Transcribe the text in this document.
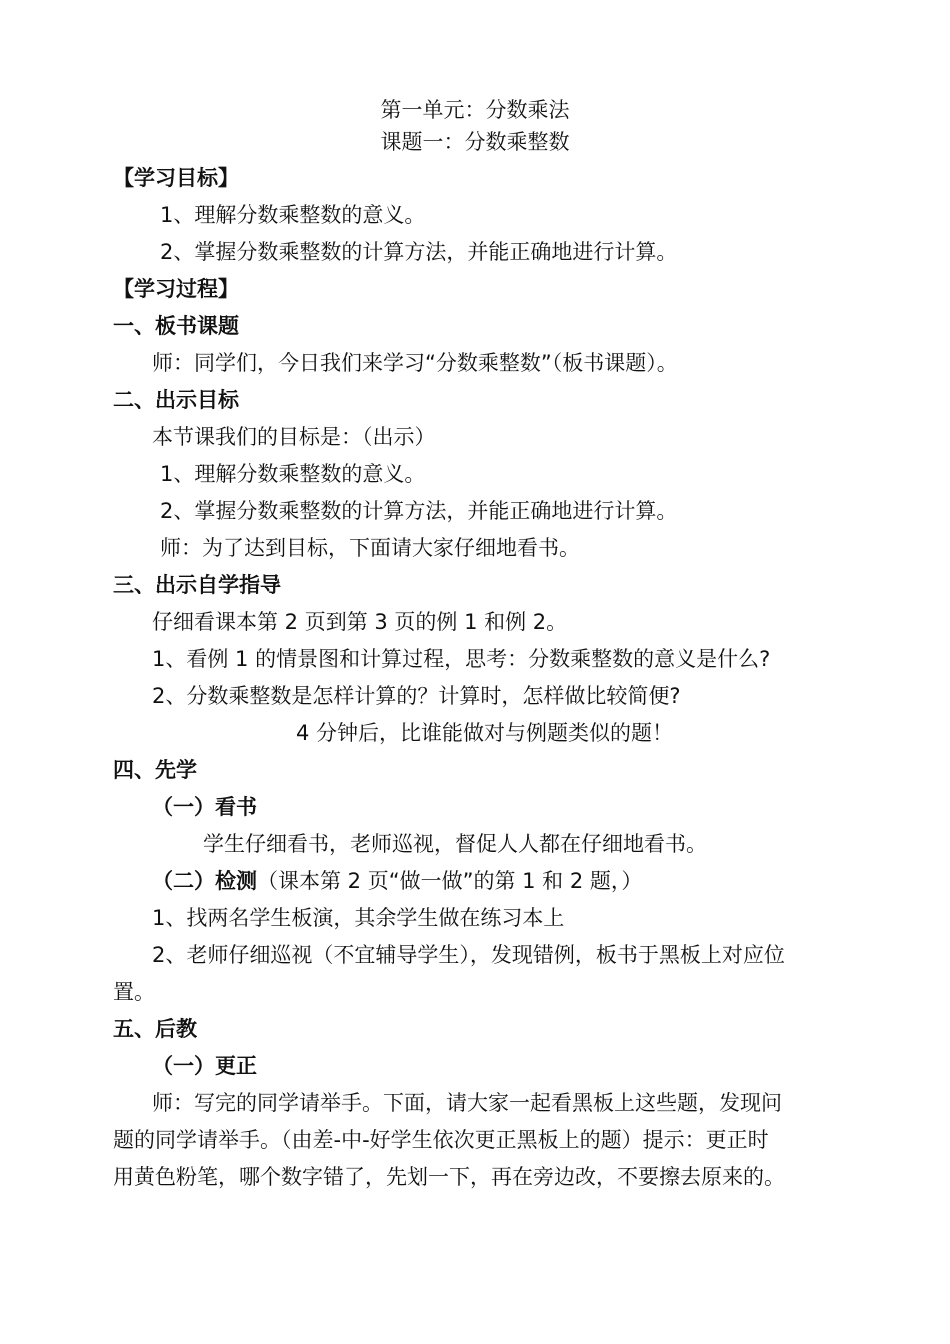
第一单元：分数乘法
课题一：分数乘整数
【学习目标】
1、理解分数乘整数的意义。
2、掌握分数乘整数的计算方法，并能正确地进行计算。
【学习过程】
一、板书课题
师：同学们，今日我们来学习“分数乘整数”（板书课题）。
二、出示目标
本节课我们的目标是：（出示）
1、理解分数乘整数的意义。
2、掌握分数乘整数的计算方法，并能正确地进行计算。
师：为了达到目标，下面请大家仔细地看书。
三、出示自学指导
仔细看课本第 2 页到第 3 页的例 1 和例 2。
1、看例 1 的情景图和计算过程，思考：分数乘整数的意义是什么?
2、分数乘整数是怎样计算的？计算时，怎样做比较简便?
4 分钟后，比谁能做对与例题类似的题！
四、先学
（一）看书
学生仔细看书，老师巡视，督促人人都在仔细地看书。
（二）检测（课本第 2 页“做一做”的第 1 和 2 题，）
1、找两名学生板演，其余学生做在练习本上
2、老师仔细巡视（不宜辅导学生），发现错例，板书于黑板上对应位
置。
五、后教
（一）更正
师：写完的同学请举手。下面，请大家一起看黑板上这些题，发现问
题的同学请举手。（由差-中-好学生依次更正黑板上的题）提示：更正时
用黄色粉笔，哪个数字错了，先划一下，再在旁边改，不要擦去原来的。
